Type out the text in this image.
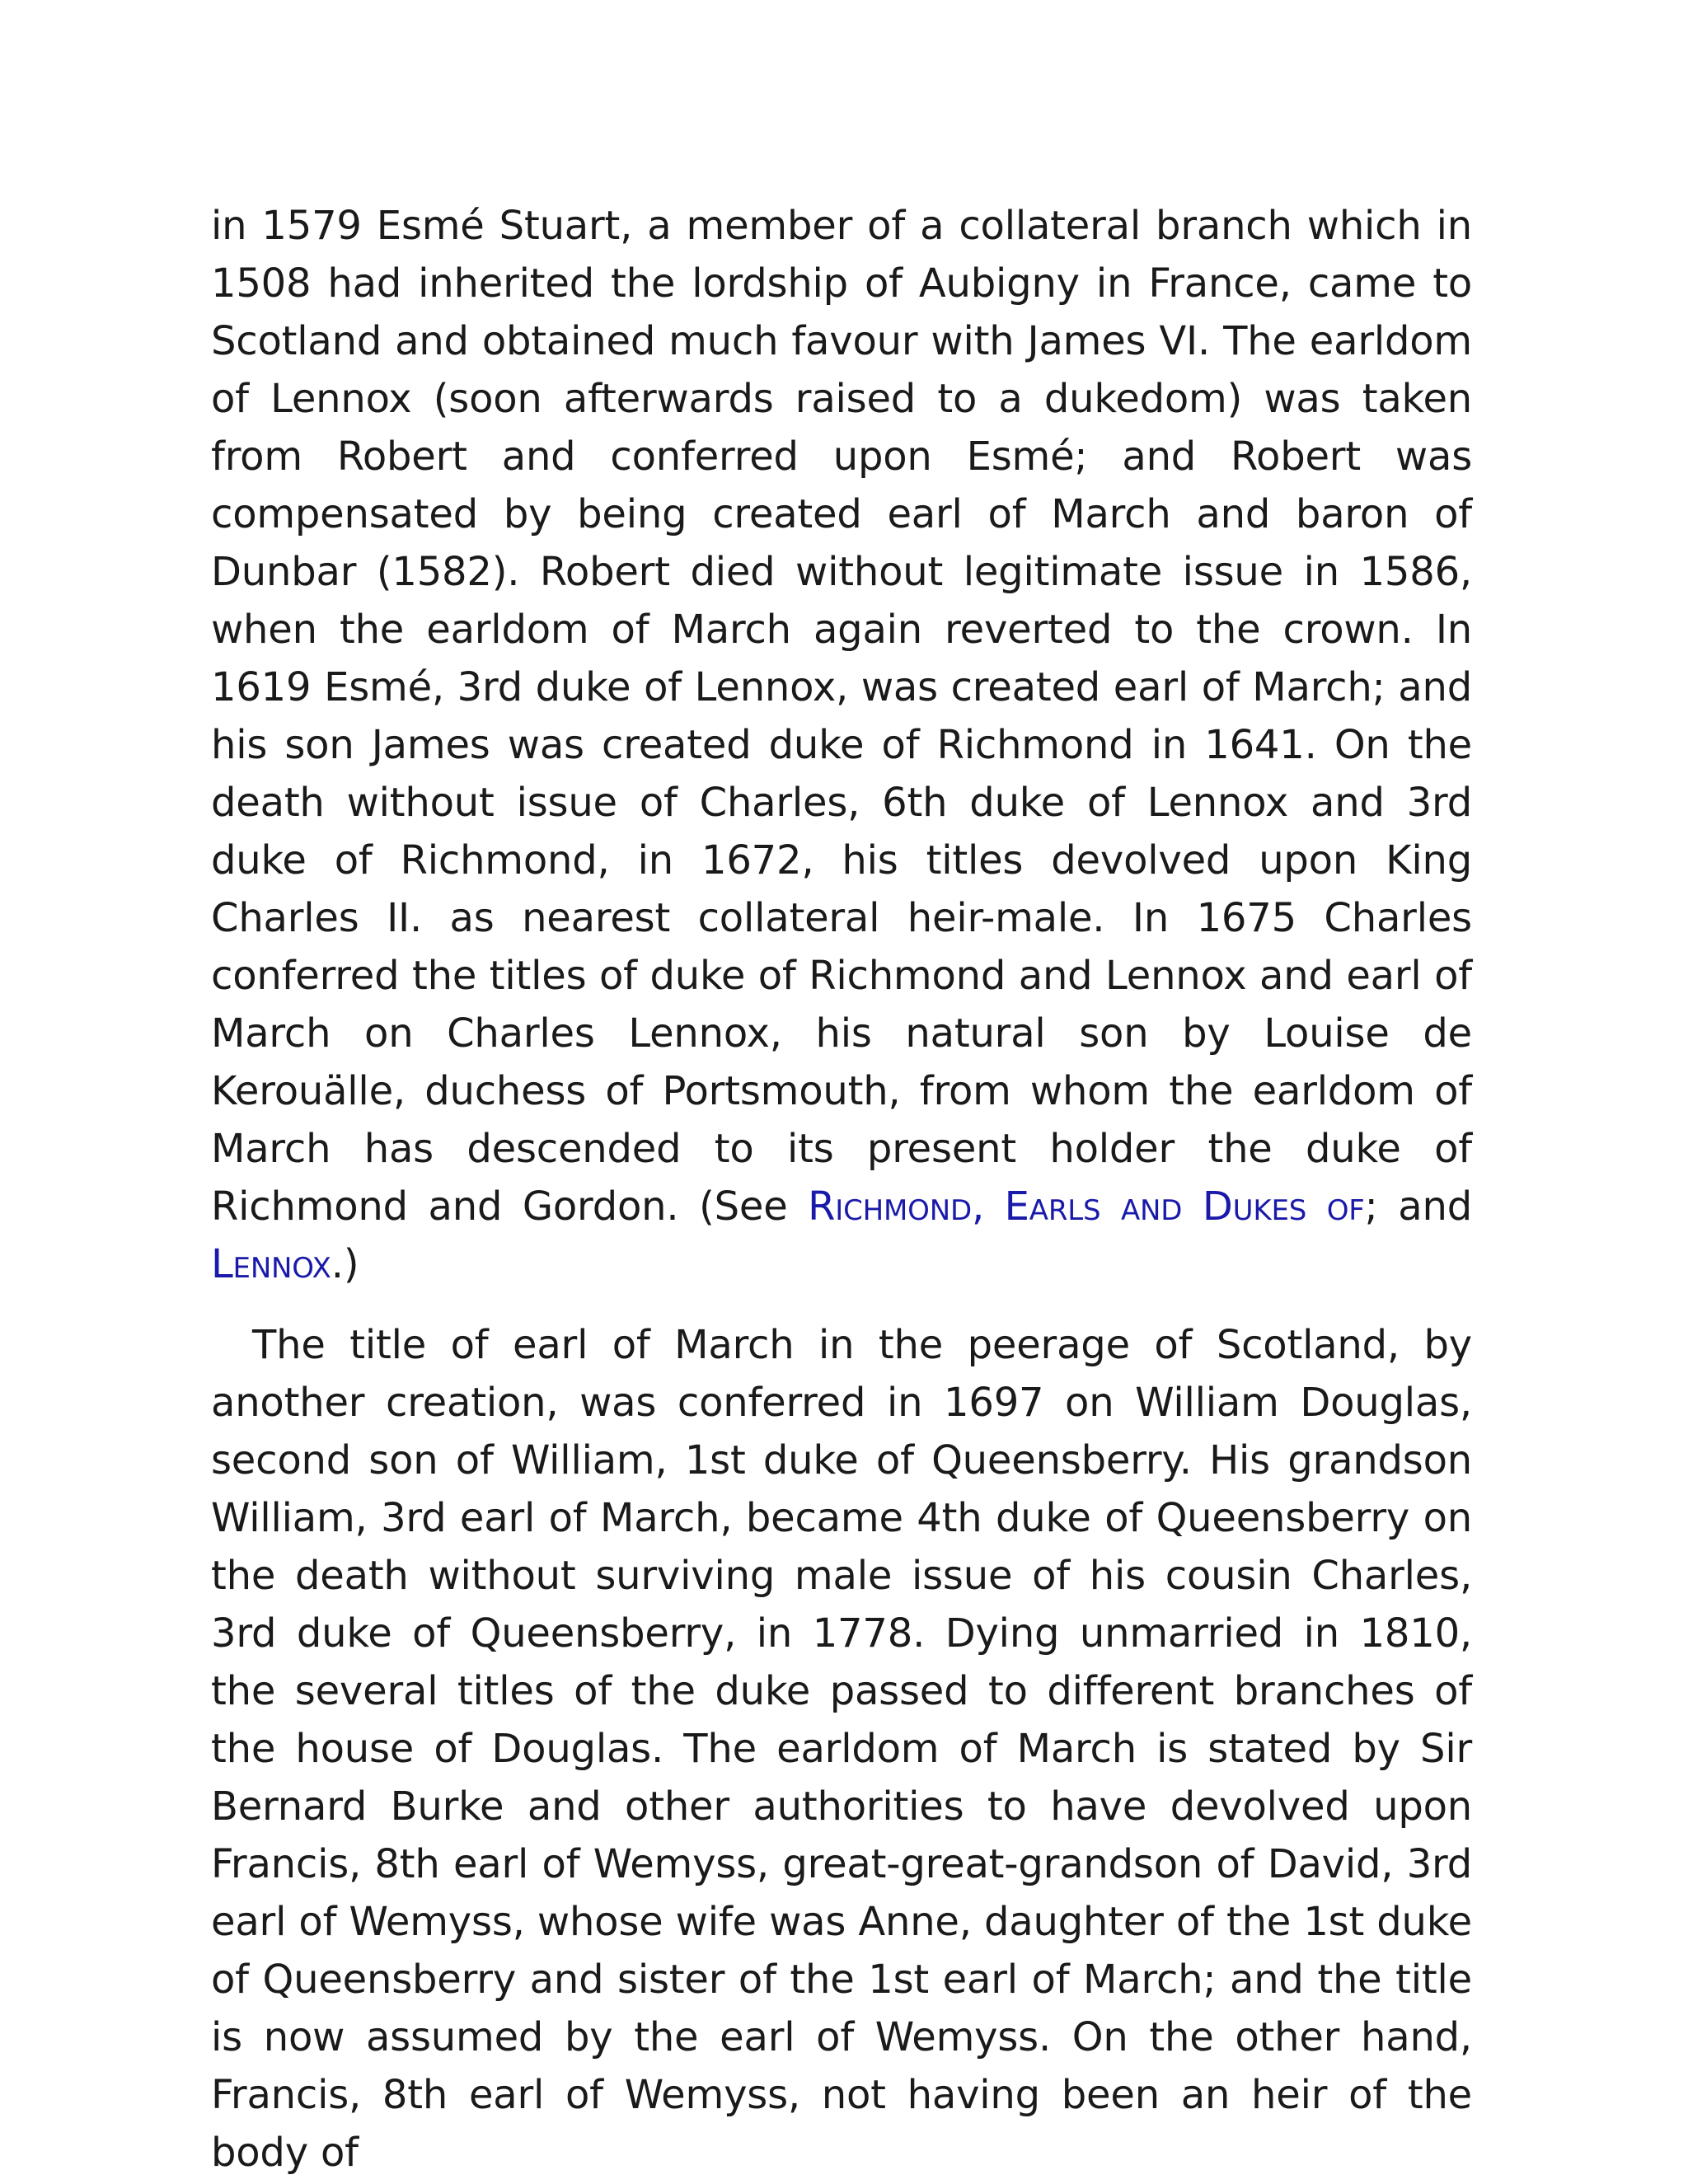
in 1579 Esmé Stuart, a member of a collateral branch which in 1508 had inherited the lordship of Aubigny in France, came to Scotland and obtained much favour with James VI. The earldom of Lennox (soon afterwards raised to a dukedom) was taken from Robert and conferred upon Esmé; and Robert was compensated by being created earl of March and baron of Dunbar (1582). Robert died without legitimate issue in 1586, when the earldom of March again reverted to the crown. In 1619 Esmé, 3rd duke of Lennox, was created earl of March; and his son James was created duke of Richmond in 1641. On the death without issue of Charles, 6th duke of Lennox and 3rd duke of Richmond, in 1672, his titles devolved upon King Charles II. as nearest collateral heir-male. In 1675 Charles conferred the titles of duke of Richmond and Lennox and earl of March on Charles Lennox, his natural son by Louise de Kerouälle, duchess of Portsmouth, from whom the earldom of March has descended to its present holder the duke of Richmond and Gordon. (See Richmond, Earls and Dukes of; and Lennox.)

The title of earl of March in the peerage of Scotland, by another creation, was conferred in 1697 on William Douglas, second son of William, 1st duke of Queensberry. His grandson William, 3rd earl of March, became 4th duke of Queensberry on the death without surviving male issue of his cousin Charles, 3rd duke of Queensberry, in 1778. Dying unmarried in 1810, the several titles of the duke passed to different branches of the house of Douglas. The earldom of March is stated by Sir Bernard Burke and other authorities to have devolved upon Francis, 8th earl of Wemyss, great-great-grandson of David, 3rd earl of Wemyss, whose wife was Anne, daughter of the 1st duke of Queensberry and sister of the 1st earl of March; and the title is now assumed by the earl of Wemyss. On the other hand, Francis, 8th earl of Wemyss, not having been an heir of the body of
